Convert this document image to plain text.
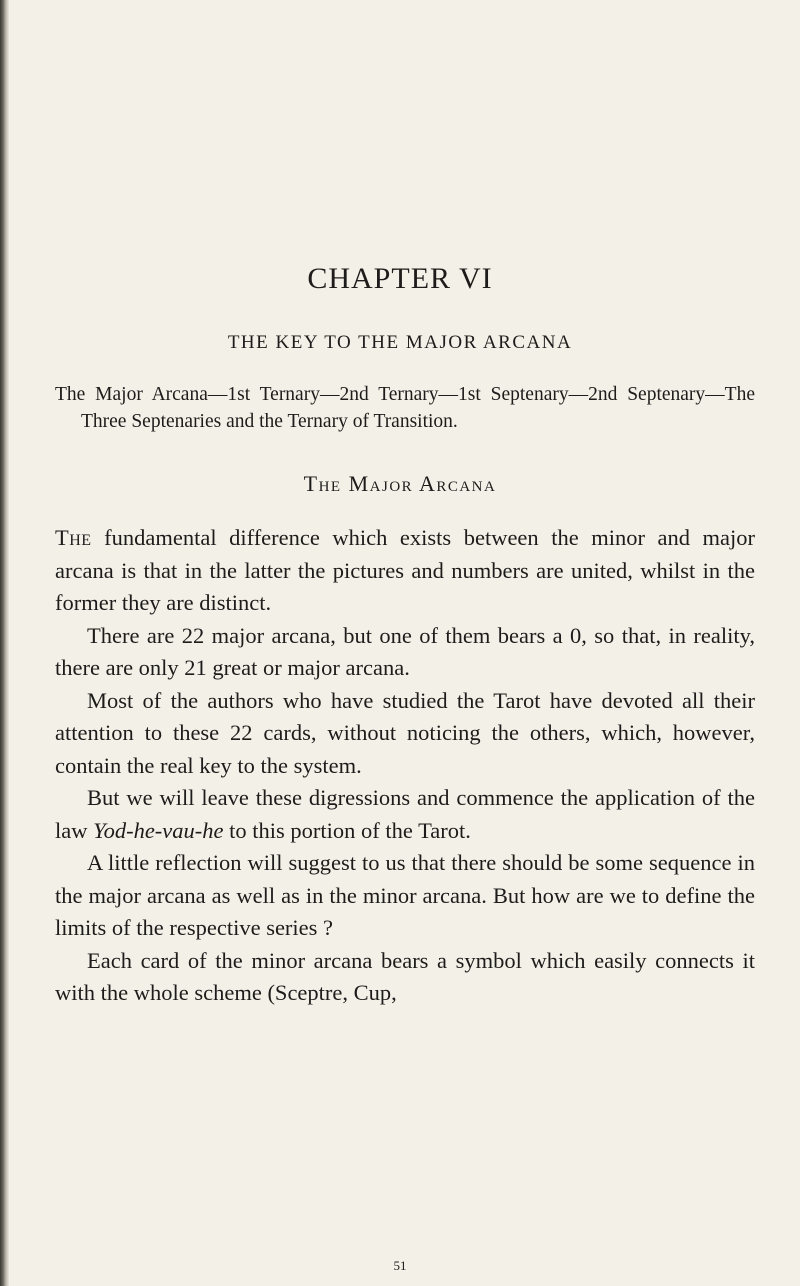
CHAPTER VI
THE KEY TO THE MAJOR ARCANA

The Major Arcana—1st Ternary—2nd Ternary—1st Septenary—2nd Septenary—The Three Septenaries and the Ternary of Transition.

The Major Arcana

The fundamental difference which exists between the minor and major arcana is that in the latter the pictures and numbers are united, whilst in the former they are distinct.

There are 22 major arcana, but one of them bears a 0, so that, in reality, there are only 21 great or major arcana.

Most of the authors who have studied the Tarot have devoted all their attention to these 22 cards, without noticing the others, which, however, contain the real key to the system.

But we will leave these digressions and commence the application of the law Yod-he-vau-he to this portion of the Tarot.

A little reflection will suggest to us that there should be some sequence in the major arcana as well as in the minor arcana. But how are we to define the limits of the respective series ?

Each card of the minor arcana bears a symbol which easily connects it with the whole scheme (Sceptre, Cup,

51
